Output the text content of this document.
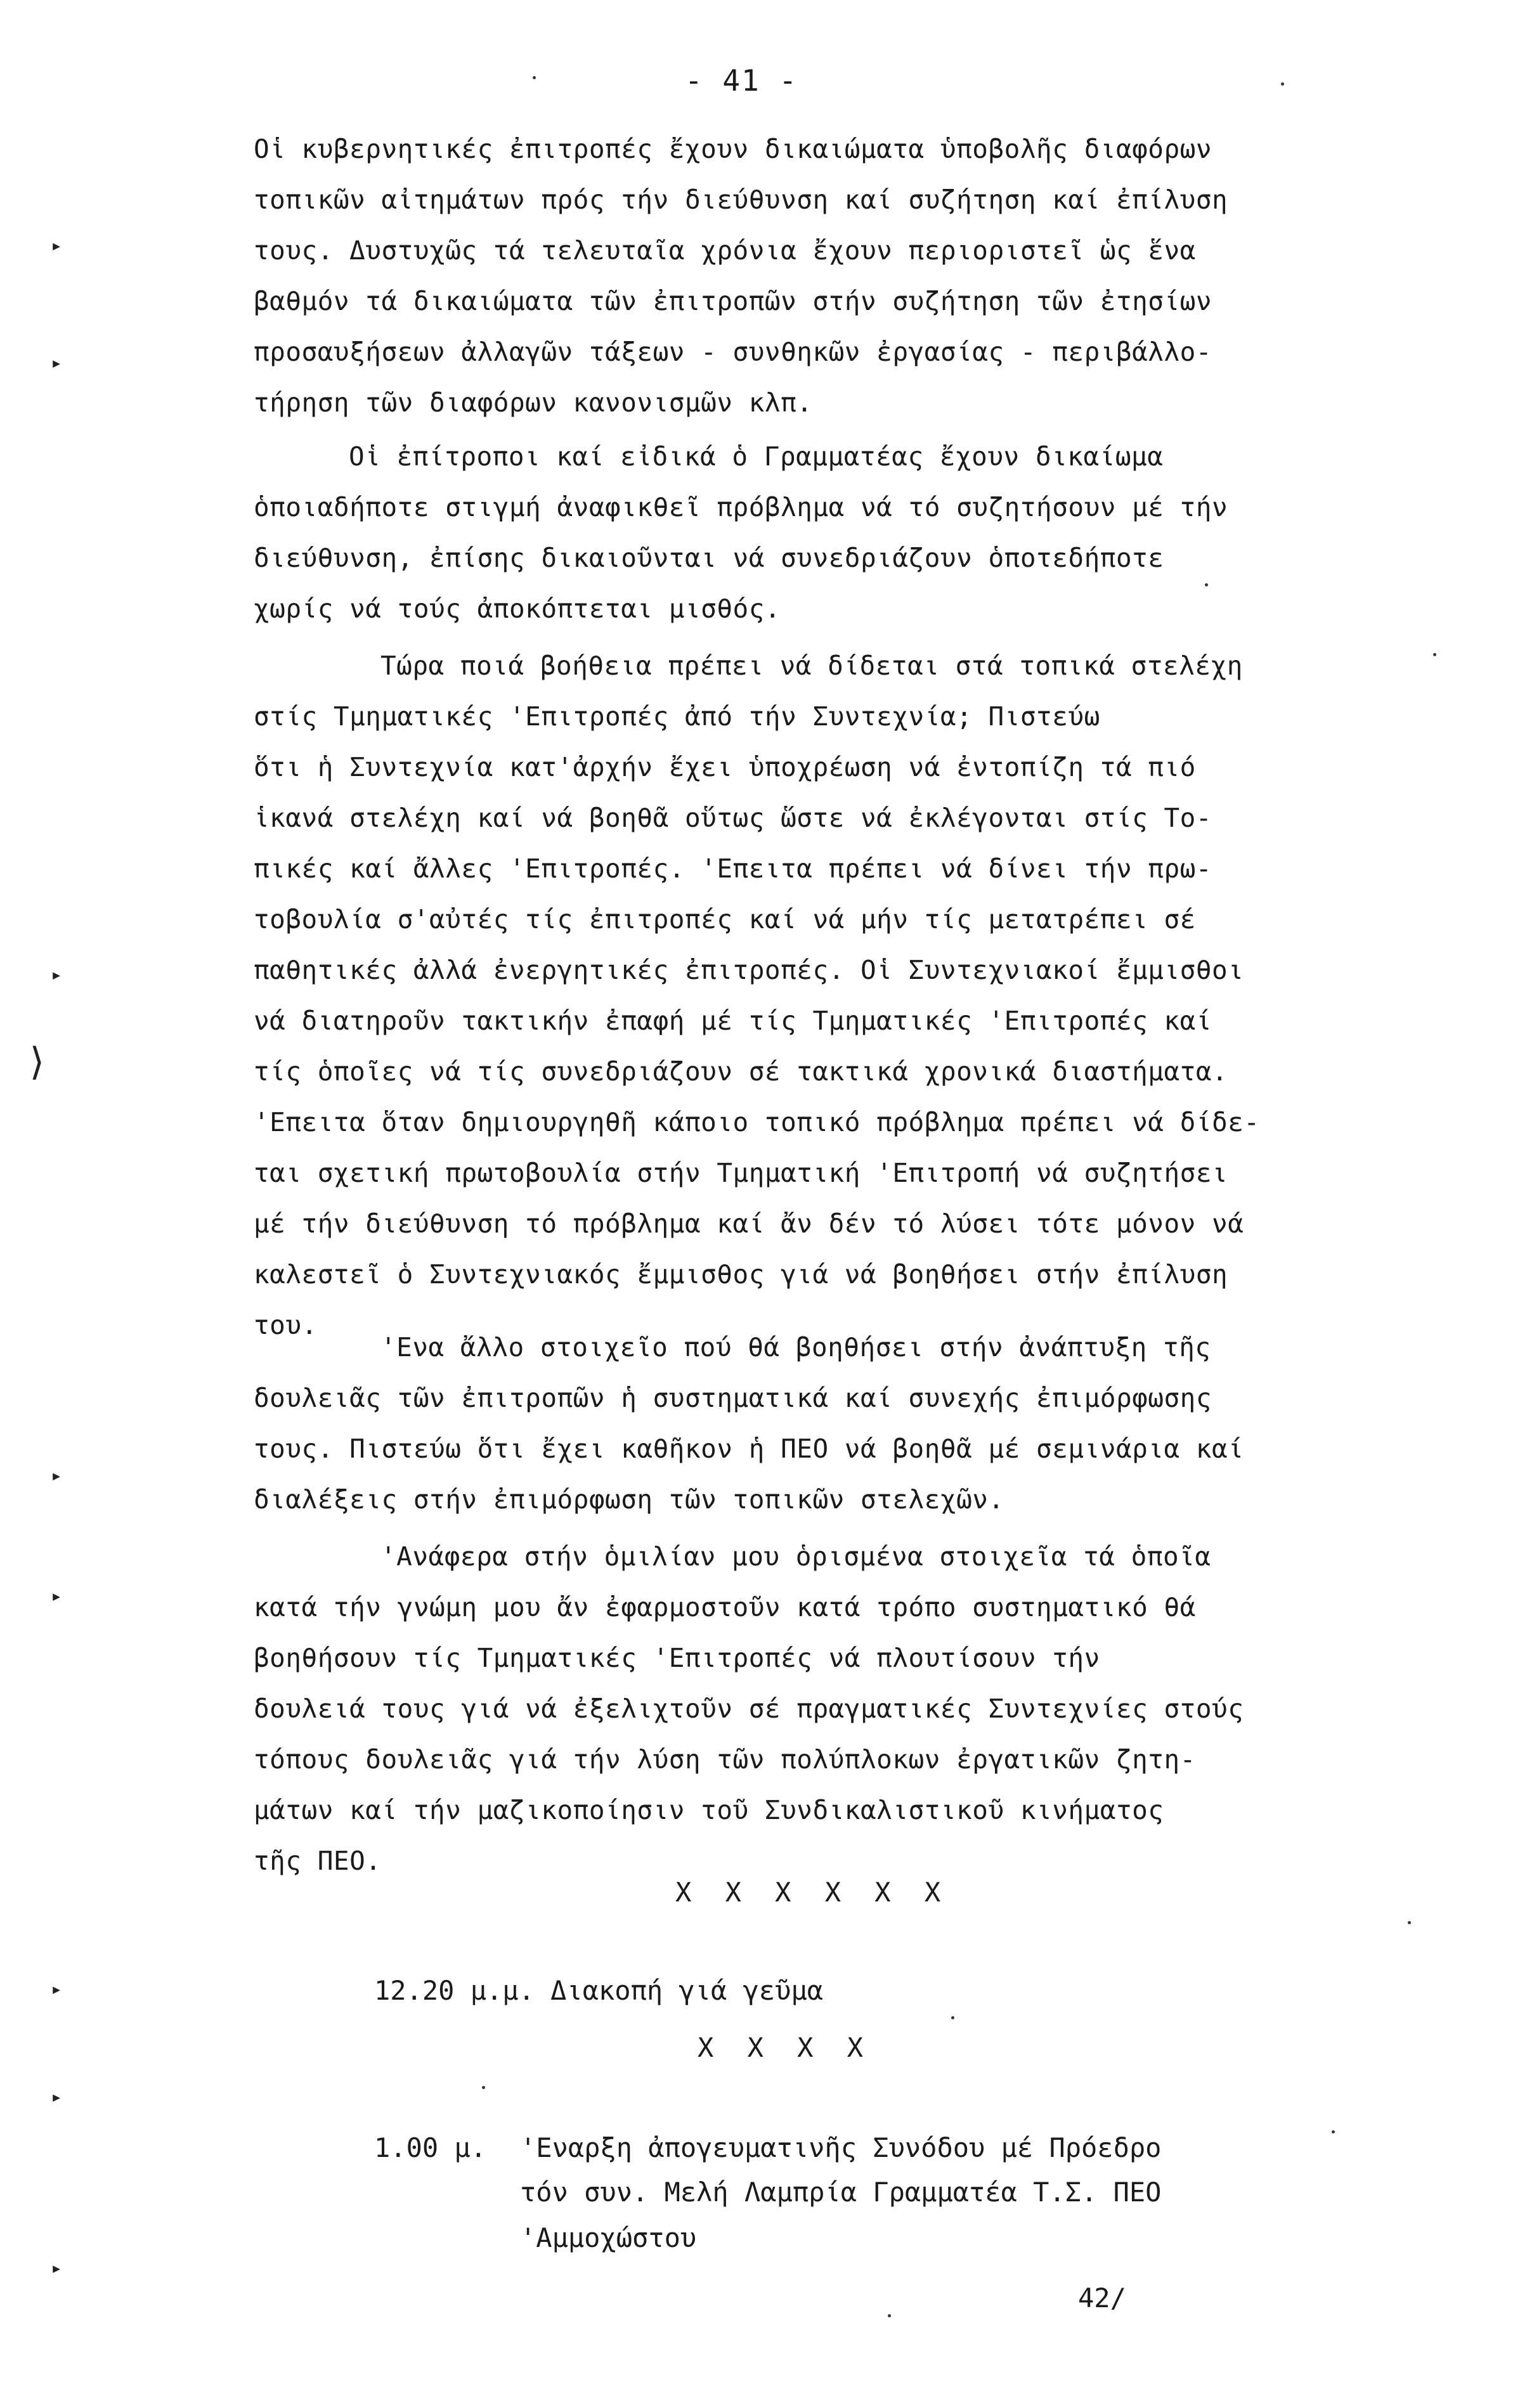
- 41 -
Οἱ κυβερνητικές ἐπιτροπές ἔχουν δικαιώματα ὑποβολῆς διαφόρων
τοπικῶν αἰτημάτων πρός τήν διεύθυνση καί συζήτηση καί ἐπίλυση
τους. Δυστυχῶς τά τελευταῖα χρόνια ἔχουν περιοριστεῖ ὡς ἕνα
βαθμόν τά δικαιώματα τῶν ἐπιτροπῶν στήν συζήτηση τῶν ἐτησίων
προσαυξήσεων ἀλλαγῶν τάξεων - συνθηκῶν ἐργασίας - περιβάλλο-
τήρηση τῶν διαφόρων κανονισμῶν κλπ.
Οἱ ἐπίτροποι καί εἰδικά ὁ Γραμματέας ἔχουν δικαίωμα
ὁποιαδήποτε στιγμή ἀναφικθεῖ πρόβλημα νά τό συζητήσουν μέ τήν
διεύθυνση, ἐπίσης δικαιοῦνται νά συνεδριάζουν ὁποτεδήποτε
χωρίς νά τούς ἀποκόπτεται μισθός.
Τώρα ποιά βοήθεια πρέπει νά δίδεται στά τοπικά στελέχη
στίς Τμηματικές 'Επιτροπές ἀπό τήν Συντεχνία; Πιστεύω
ὅτι ἡ Συντεχνία κατ'ἀρχήν ἔχει ὑποχρέωση νά ἐντοπίζη τά πιό
ἱκανά στελέχη καί νά βοηθᾶ οὕτως ὥστε νά ἐκλέγονται στίς Το-
πικές καί ἄλλες 'Επιτροπές. 'Επειτα πρέπει νά δίνει τήν πρω-
τοβουλία σ'αὐτές τίς ἐπιτροπές καί νά μήν τίς μετατρέπει σέ
παθητικές ἀλλά ἐνεργητικές ἐπιτροπές. Οἱ Συντεχνιακοί ἔμμισθοι
νά διατηροῦν τακτικήν ἐπαφή μέ τίς Τμηματικές 'Επιτροπές καί
τίς ὁποῖες νά τίς συνεδριάζουν σέ τακτικά χρονικά διαστήματα.
'Επειτα ὅταν δημιουργηθῆ κάποιο τοπικό πρόβλημα πρέπει νά δίδε-
ται σχετική πρωτοβουλία στήν Τμηματική 'Επιτροπή νά συζητήσει
μέ τήν διεύθυνση τό πρόβλημα καί ἄν δέν τό λύσει τότε μόνον νά
καλεστεῖ ὁ Συντεχνιακός ἔμμισθος γιά νά βοηθήσει στήν ἐπίλυση
του.
'Ενα ἄλλο στοιχεῖο πού θά βοηθήσει στήν ἀνάπτυξη τῆς
δουλειᾶς τῶν ἐπιτροπῶν ἡ συστηματικά καί συνεχής ἐπιμόρφωσης
τους. Πιστεύω ὅτι ἔχει καθῆκον ἡ ΠΕΟ νά βοηθᾶ μέ σεμινάρια καί
διαλέξεις στήν ἐπιμόρφωση τῶν τοπικῶν στελεχῶν.
'Ανάφερα στήν ὁμιλίαν μου ὁρισμένα στοιχεῖα τά ὁποῖα
κατά τήν γνώμη μου ἄν ἐφαρμοστοῦν κατά τρόπο συστηματικό θά
βοηθήσουν τίς Τμηματικές 'Επιτροπές νά πλουτίσουν τήν
δουλειά τους γιά νά ἐξελιχτοῦν σέ πραγματικές Συντεχνίες στούς
τόπους δουλειᾶς γιά τήν λύση τῶν πολύπλοκων ἐργατικῶν ζητη-
μάτων καί τήν μαζικοποίησιν τοῦ Συνδικαλιστικοῦ κινήματος
τῆς ΠΕΟ.
X X X X X X
12.20 μ.μ. Διακοπή γιά γεῦμα
X X X X
1.00 μ. 'Εναρξη ἀπογευματινῆς Συνόδου μέ Πρόεδρο
τόν συν. Μελή Λαμπρία Γραμματέα Τ.Σ. ΠΕΟ
'Αμμοχώστου
42/
▸
▸
▸
⟩
▸
▸
▸
▸
▸
